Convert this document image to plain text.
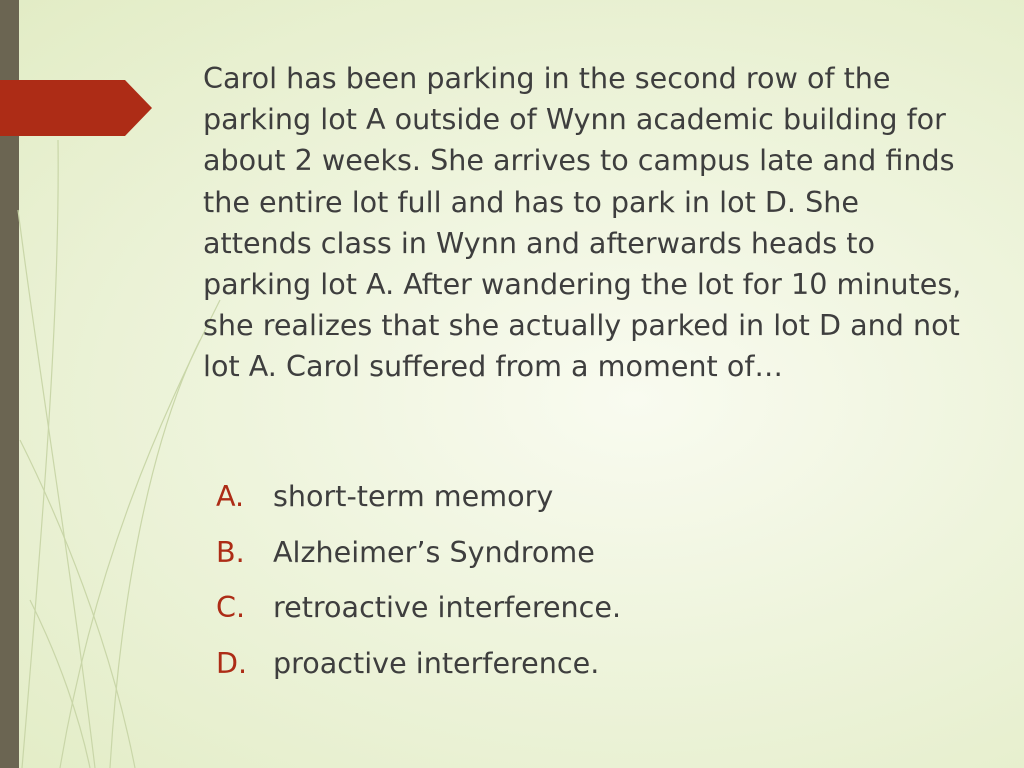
Carol has been parking in the second row of the parking lot A outside of Wynn academic building for about 2 weeks. She arrives to campus late and finds the entire lot full and has to park in lot D. She attends class in Wynn and afterwards heads to parking lot A. After wandering the lot for 10 minutes, she realizes that she actually parked in lot D and not lot A. Carol suffered from a moment of…

A. short-term memory
B. Alzheimer’s Syndrome
C. retroactive interference.
D. proactive interference.
